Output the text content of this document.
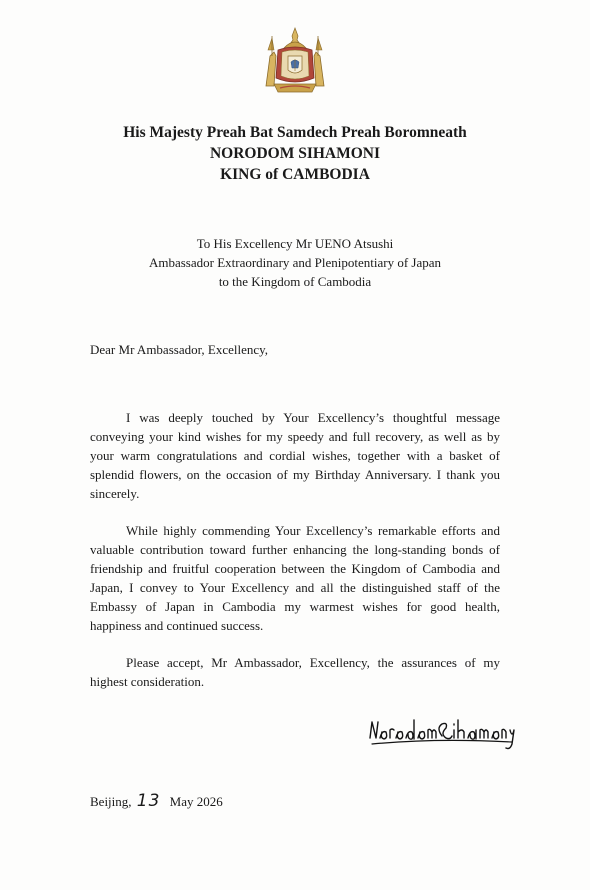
His Majesty Preah Bat Samdech Preah Boromneath
NORODOM SIHAMONI
KING of CAMBODIA
To His Excellency Mr UENO Atsushi
Ambassador Extraordinary and Plenipotentiary of Japan
to the Kingdom of Cambodia
Dear Mr Ambassador, Excellency,

I was deeply touched by Your Excellency’s thoughtful message conveying your kind wishes for my speedy and full recovery, as well as by your warm congratulations and cordial wishes, together with a basket of splendid flowers, on the occasion of my Birthday Anniversary. I thank you sincerely.

While highly commending Your Excellency’s remarkable efforts and valuable contribution toward further enhancing the long-standing bonds of friendship and fruitful cooperation between the Kingdom of Cambodia and Japan, I convey to Your Excellency and all the distinguished staff of the Embassy of Japan in Cambodia my warmest wishes for good health, happiness and continued success.

Please accept, Mr Ambassador, Excellency, the assurances of my highest consideration.

Beijing, 13 May 2026
